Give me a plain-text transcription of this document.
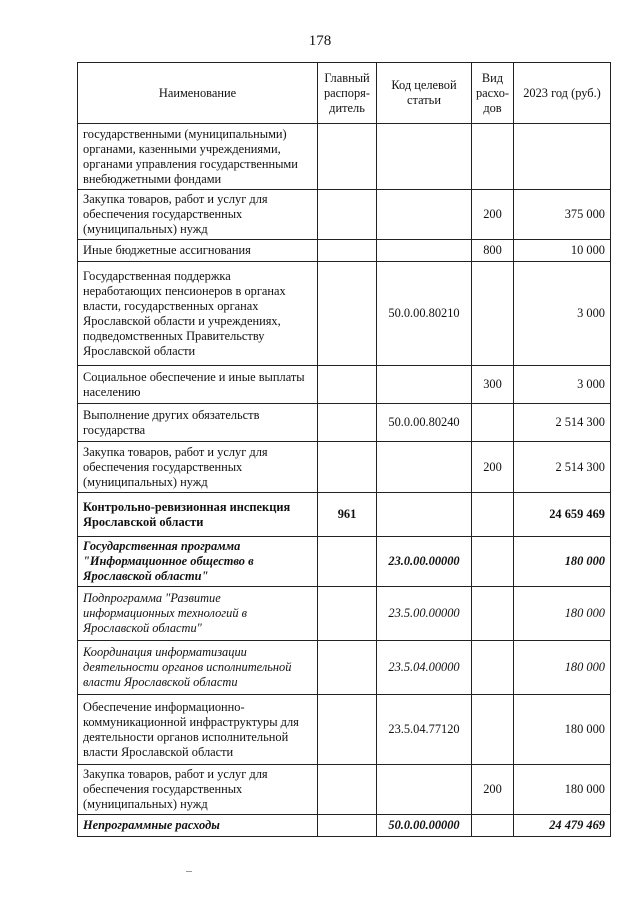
178
Наименование	Главный распоря-дитель	Код целевой статьи	Вид расхо-дов	2023 год (руб.)
государственными (муниципальными) органами, казенными учреждениями, органами управления государственными внебюджетными фондами				
Закупка товаров, работ и услуг для обеспечения государственных (муниципальных) нужд			200	375 000
Иные бюджетные ассигнования			800	10 000
Государственная поддержка неработающих пенсионеров в органах власти, государственных органах Ярославской области и учреждениях, подведомственных Правительству Ярославской области		50.0.00.80210		3 000
Социальное обеспечение и иные выплаты населению			300	3 000
Выполнение других обязательств государства		50.0.00.80240		2 514 300
Закупка товаров, работ и услуг для обеспечения государственных (муниципальных) нужд			200	2 514 300
Контрольно-ревизионная инспекция Ярославской области	961			24 659 469
Государственная программа "Информационное общество в Ярославской области"		23.0.00.00000		180 000
Подпрограмма "Развитие информационных технологий в Ярославской области"		23.5.00.00000		180 000
Координация информатизации деятельности органов исполнительной власти Ярославской области		23.5.04.00000		180 000
Обеспечение информационно-коммуникационной инфраструктуры для деятельности органов исполнительной власти Ярославской области		23.5.04.77120		180 000
Закупка товаров, работ и услуг для обеспечения государственных (муниципальных) нужд			200	180 000
Непрограммные расходы		50.0.00.00000		24 479 469
